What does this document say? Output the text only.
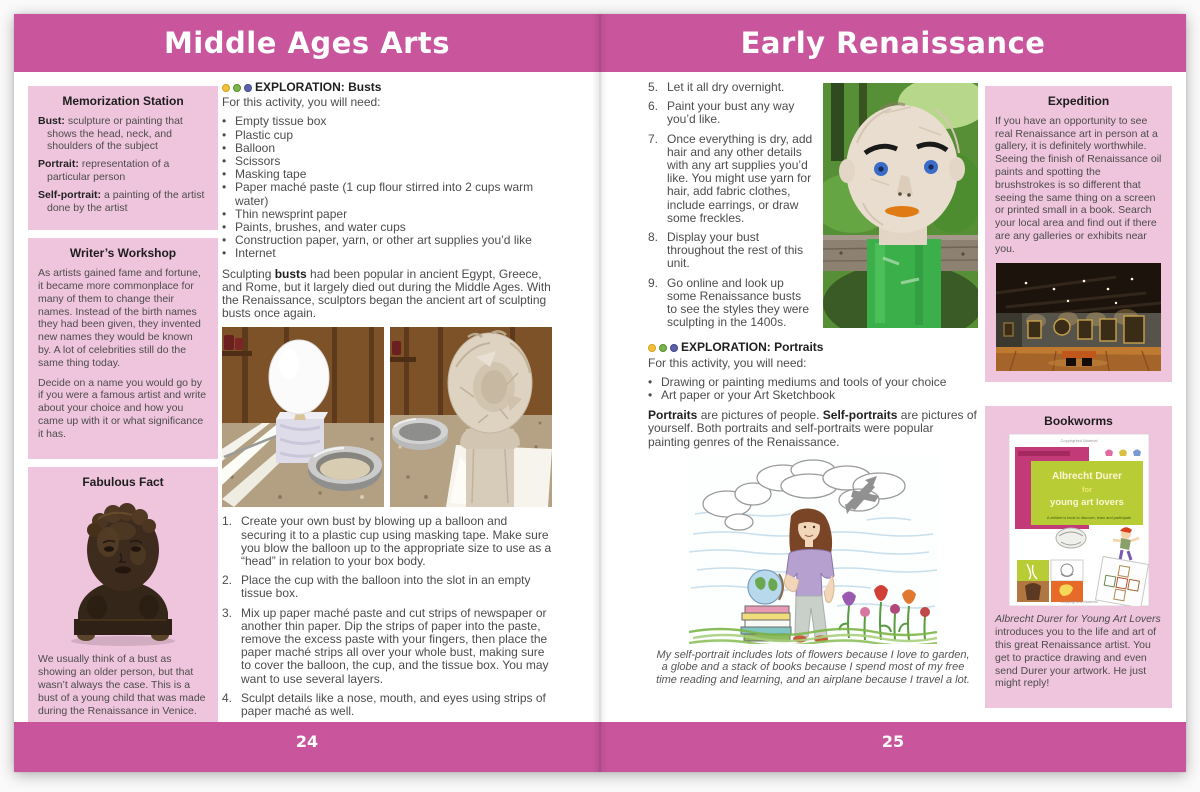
Middle Ages Arts
Memorization Station

Bust: sculpture or painting that shows the head, neck, and shoulders of the subject

Portrait: representation of a particular person

Self-portrait: a painting of the artist done by the artist

Writer’s Workshop

As artists gained fame and fortune, it became more commonplace for many of them to change their names. Instead of the birth names they had been given, they invented new names they would be known by. A lot of celebrities still do the same thing today.

Decide on a name you would go by if you were a famous artist and write about your choice and how you came up with it or what significance it has.

Fabulous Fact

We usually think of a bust as showing an older person, but that wasn’t always the case. This is a bust of a young child that was made during the Renaissance in Venice.

EXPLORATION: Busts

For this activity, you will need:

• Empty tissue box

• Plastic cup

• Balloon

• Scissors

• Masking tape

• Paper maché paste (1 cup flour stirred into 2 cups warm water)

• Thin newsprint paper

• Paints, brushes, and water cups

• Construction paper, yarn, or other art supplies you’d like

• Internet

Sculpting busts had been popular in ancient Egypt, Greece, and Rome, but it largely died out during the Middle Ages. With the Renaissance, sculptors began the ancient art of sculpting busts once again.

1. Create your own bust by blowing up a balloon and securing it to a plastic cup using masking tape. Make sure you blow the balloon up to the appropriate size to use as a “head” in relation to your box body.

2. Place the cup with the balloon into the slot in an empty tissue box.

3. Mix up paper maché paste and cut strips of newspaper or another thin paper. Dip the strips of paper into the paste, remove the excess paste with your fingers, then place the paper maché strips all over your whole bust, making sure to cover the balloon, the cup, and the tissue box. You may want to use several layers.

4. Sculpt details like a nose, mouth, and eyes using strips of paper maché as well.

24
Early Renaissance

5. Let it all dry overnight.

6. Paint your bust any way you’d like.

7. Once everything is dry, add hair and any other details with any art supplies you’d like. You might use yarn for hair, add fabric clothes, include earrings, or draw some freckles.

8. Display your bust throughout the rest of this unit.

9. Go online and look up some Renaissance busts to see the styles they were sculpting in the 1400s.

EXPLORATION: Portraits

For this activity, you will need:

• Drawing or painting mediums and tools of your choice

• Art paper or your Art Sketchbook

Portraits are pictures of people. Self-portraits are pictures of yourself. Both portraits and self-portraits were popular painting genres of the Renaissance.

My self-portrait includes lots of flowers because I love to garden, a globe and a stack of books because I spend most of my free time reading and learning, and an airplane because I travel a lot.

Expedition

If you have an opportunity to see real Renaissance art in person at a gallery, it is definitely worthwhile. Seeing the finish of Renaissance oil paints and spotting the brushstrokes is so different that seeing the same thing on a screen or printed small in a book. Search your local area and find out if there are any galleries or exhibits near you.

Bookworms
Copyrighted Material
Albrecht Durer
for
young art lovers
A children's book to discover, learn and participate
Copyrighted Material

Albrecht Durer for Young Art Lovers introduces you to the life and art of this great Renaissance artist. You get to practice drawing and even send Durer your artwork. He just might reply!

25
